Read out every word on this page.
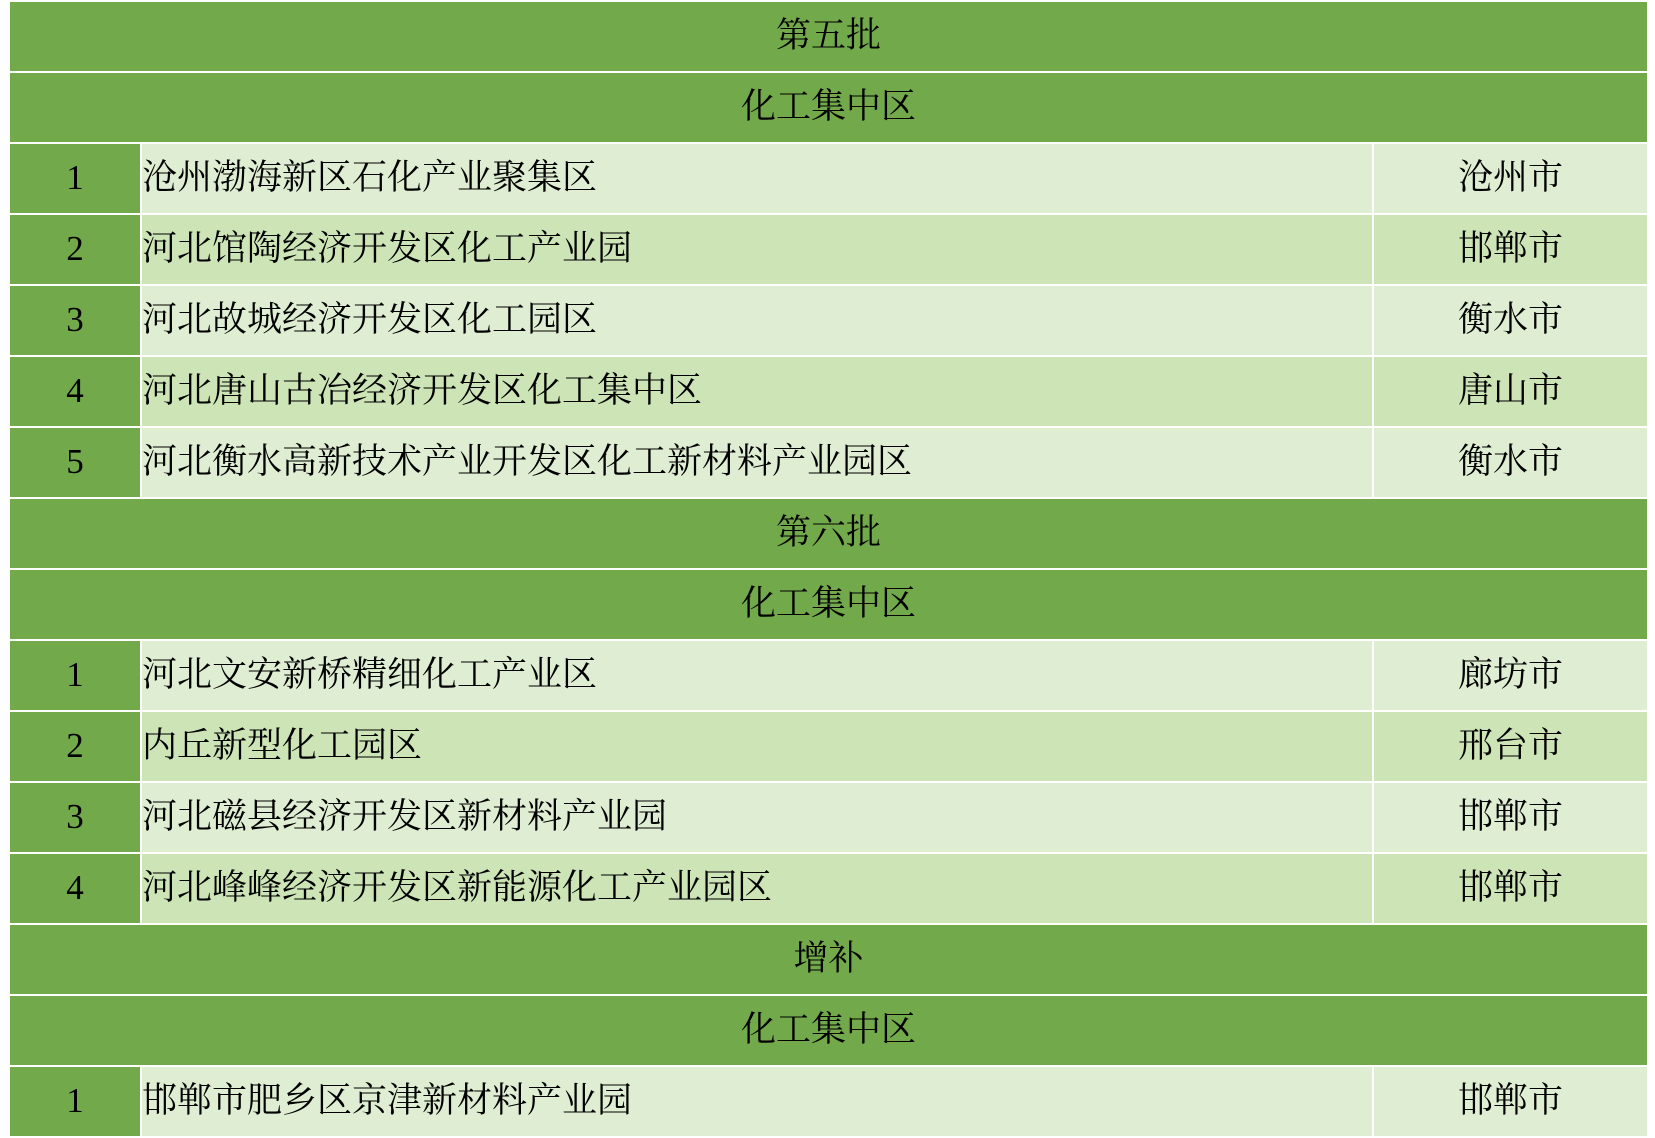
第五批		
化工集中区		
1	沧州渤海新区石化产业聚集区	沧州市
2	河北馆陶经济开发区化工产业园	邯郸市
3	河北故城经济开发区化工园区	衡水市
4	河北唐山古冶经济开发区化工集中区	唐山市
5	河北衡水高新技术产业开发区化工新材料产业园区	衡水市
第六批		
化工集中区		
1	河北文安新桥精细化工产业区	廊坊市
2	内丘新型化工园区	邢台市
3	河北磁县经济开发区新材料产业园	邯郸市
4	河北峰峰经济开发区新能源化工产业园区	邯郸市
增补		
化工集中区		
1	邯郸市肥乡区京津新材料产业园	邯郸市
